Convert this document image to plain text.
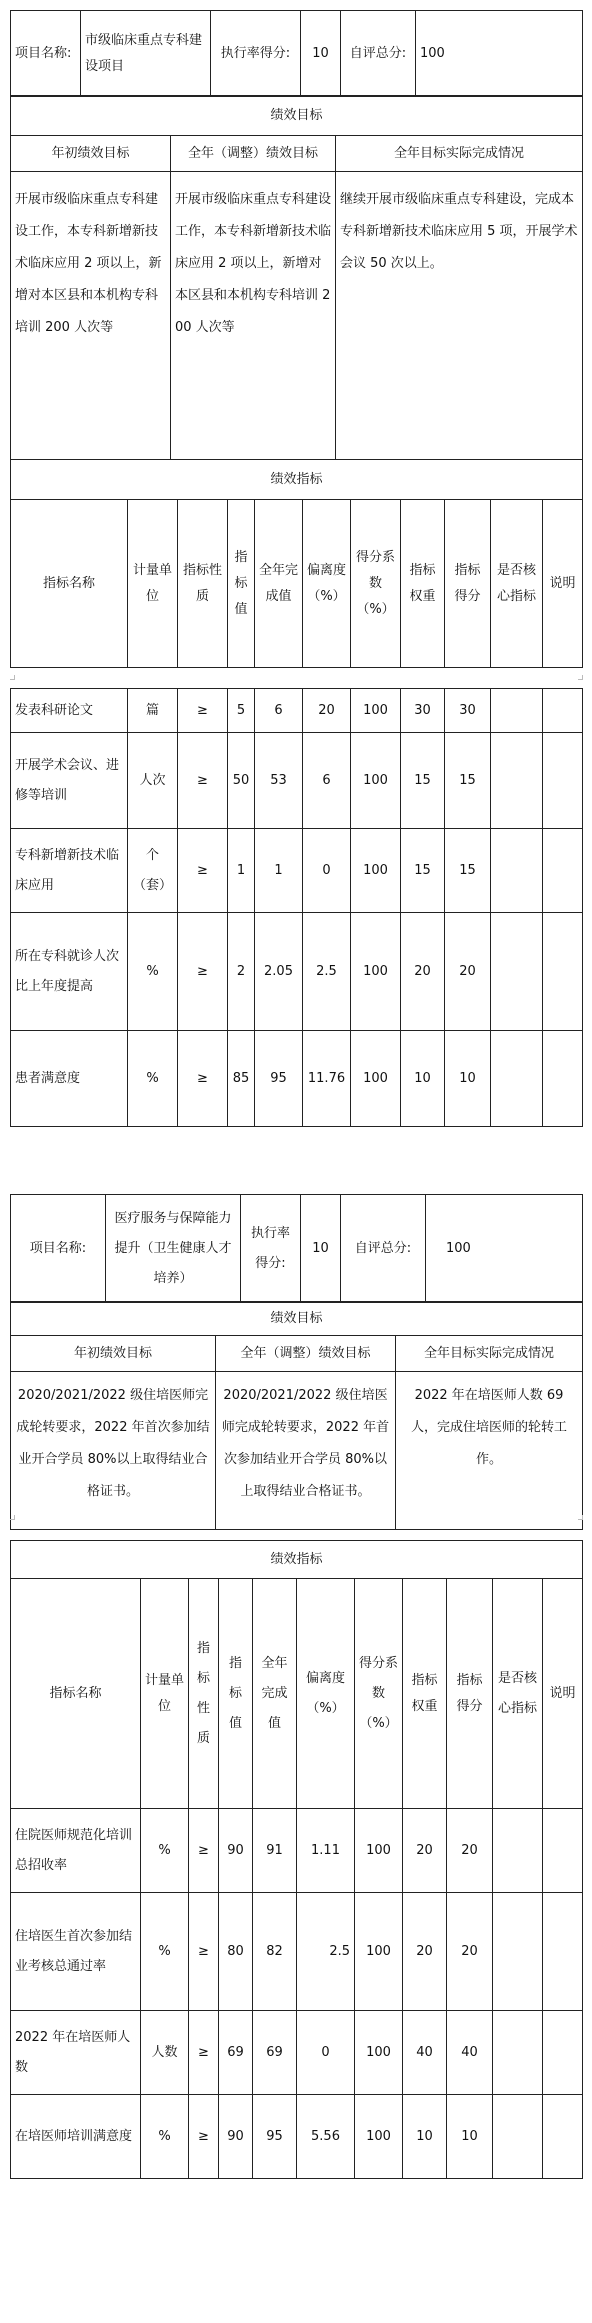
项目名称:	市级临床重点专科建设项目	执行率得分:	10	自评总分:	100
绩效目标		
年初绩效目标	全年（调整）绩效目标	全年目标实际完成情况
开展市级临床重点专科建设工作，本专科新增新技术临床应用 2 项以上，新增对本区县和本机构专科培训 200 人次等	开展市级临床重点专科建设工作，本专科新增新技术临床应用 2 项以上，新增对本区县和本机构专科培训 200 人次等	继续开展市级临床重点专科建设，完成本专科新增新技术临床应用 5 项，开展学术会议 50 次以上。
绩效指标		
指标名称	计量单位	指标性质	指标值	全年完成值	偏离度（%）	得分系数（%）	指标权重	指标得分	是否核心指标	说明
发表科研论文	篇	≥	5	6	20	100	30	30		
开展学术会议、进修等培训	人次	≥	50	53	6	100	15	15		
专科新增新技术临床应用	个（套）	≥	1	1	0	100	15	15		
所在专科就诊人次比上年度提高	%	≥	2	2.05	2.5	100	20	20		
患者满意度	%	≥	85	95	11.76	100	10	10		
项目名称:	医疗服务与保障能力提升（卫生健康人才培养）	执行率得分:	10	自评总分:	100
绩效目标		
年初绩效目标	全年（调整）绩效目标	全年目标实际完成情况
2020/2021/2022 级住培医师完成轮转要求，2022 年首次参加结业开合学员 80%以上取得结业合格证书。	2020/2021/2022 级住培医师完成轮转要求，2022 年首次参加结业开合学员 80%以上取得结业合格证书。	2022 年在培医师人数 69 人，完成住培医师的轮转工作。
绩效指标										
指标名称	计量单位	指标性质	指标值	全年完成值	偏离度（%）	得分系数（%）	指标权重	指标得分	是否核心指标	说明
住院医师规范化培训总招收率	%	≥	90	91	1.11	100	20	20		
住培医生首次参加结业考核总通过率	%	≥	80	82	2.5	100	20	20		
2022 年在培医师人数	人数	≥	69	69	0	100	40	40		
在培医师培训满意度	%	≥	90	95	5.56	100	10	10		
